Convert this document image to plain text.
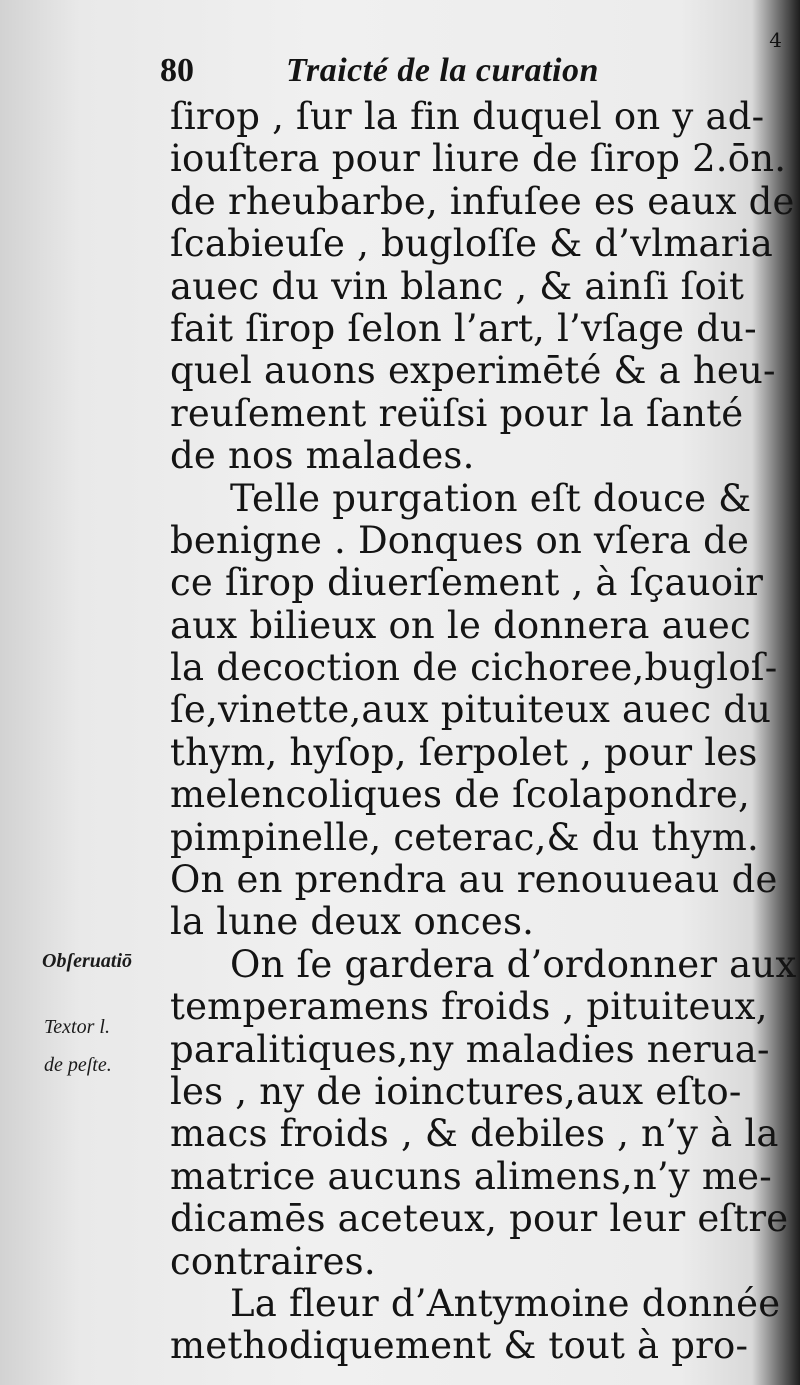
80	Traicté de la curation
4
ſirop , ſur la fin duquel on y ad-
iouſtera pour liure de ſirop 2.ōn.
de rheubarbe, infuſee es eaux de
ſcabieuſe , bugloſſe & d’vlmaria
auec du vin blanc , & ainſi ſoit
fait ſirop ſelon l’art, l’vſage du-
quel auons experimēté & a heu-
reuſement reüſsi pour la ſanté
de nos malades.
Telle purgation eſt douce &
benigne . Donques on vſera de
ce ſirop diuerſement , à ſçauoir
aux bilieux on le donnera auec
la decoction de cichoree,bugloſ-
ſe,vinette,aux pituiteux auec du
thym, hyſop, ſerpolet , pour les
melencoliques de ſcolapondre,
pimpinelle, ceterac,& du thym.
On en prendra au renouueau de
la lune deux onces.
On ſe gardera d’ordonner aux
temperamens froids , pituiteux,
paralitiques,ny maladies nerua-
les , ny de ioinctures,aux eſto-
macs froids , & debiles , n’y à la
matrice aucuns alimens,n’y me-
dicamēs aceteux, pour leur eſtre
contraires.
La fleur d’Antymoine donnée
methodiquement & tout à pro-
Obſeruatiō
Textor l.
de peſte.
